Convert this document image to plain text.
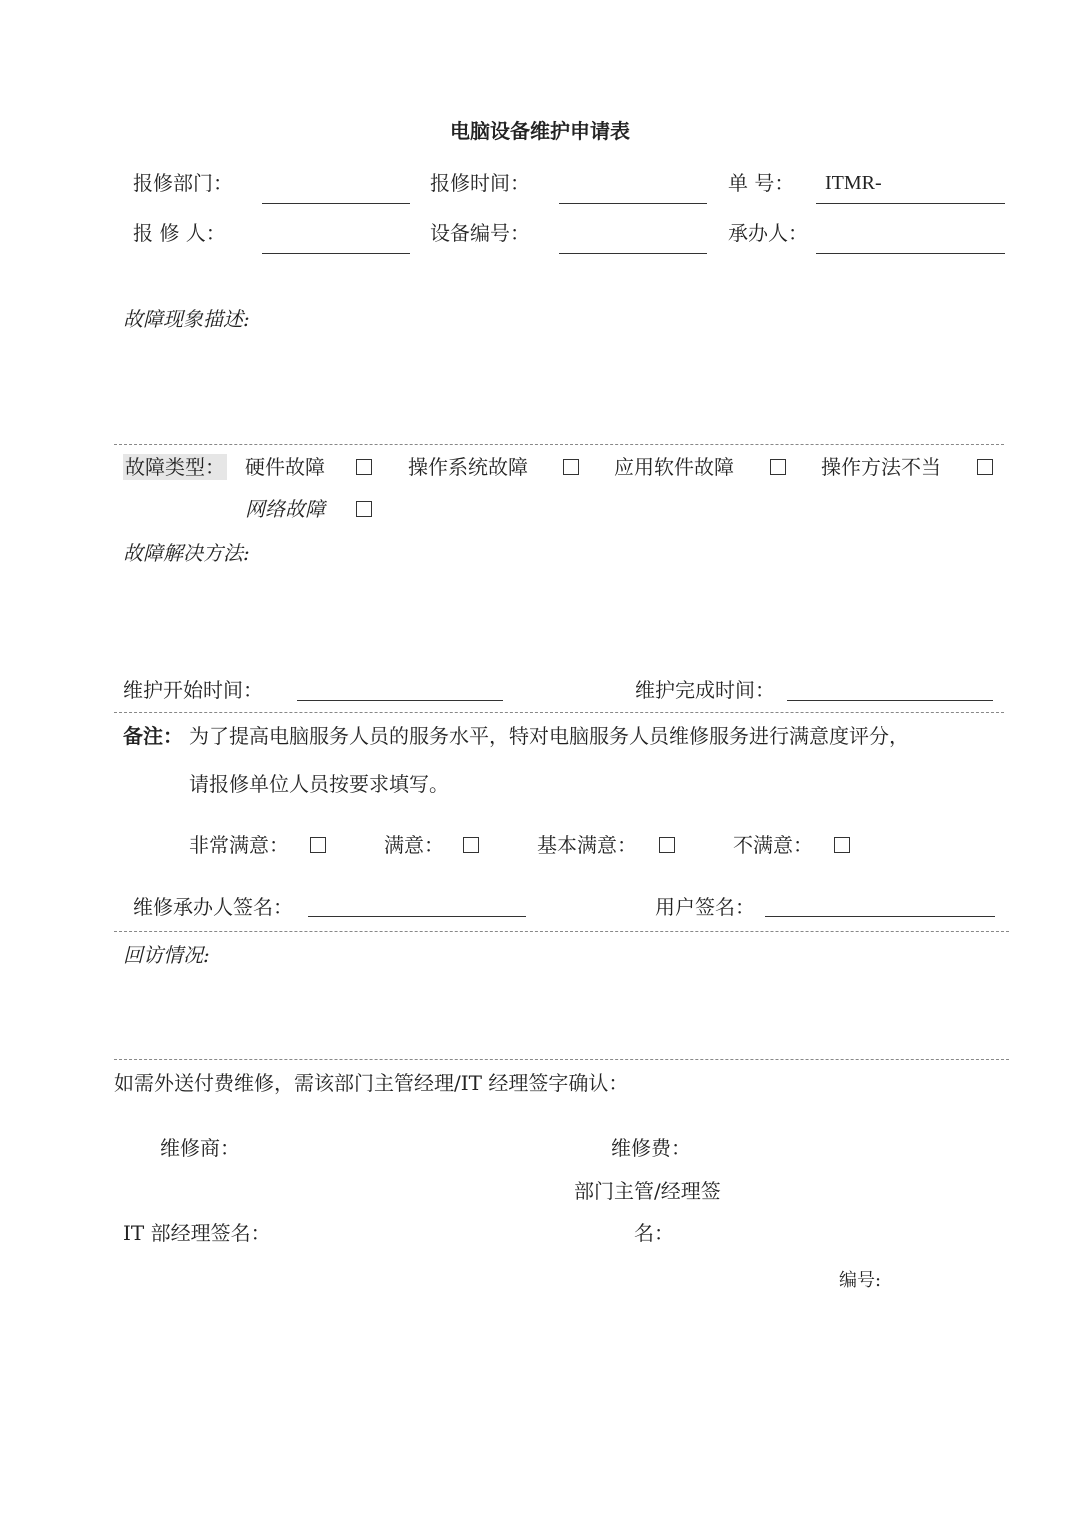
电脑设备维护申请表
报修部门：	报修时间：	单 号： ITMR-
报 修 人：	设备编号：	承办人：
故障现象描述:
故障类型： 硬件故障	操作系统故障	应用软件故障	操作方法不当
网络故障
故障解决方法:
维护开始时间：	维护完成时间：
备注： 为了提高电脑服务人员的服务水平，特对电脑服务人员维修服务进行满意度评分，
请报修单位人员按要求填写。
非常满意：	满意：	基本满意：	不满意：
维修承办人签名：	用户签名：
回访情况:
如需外送付费维修，需该部门主管经理/IT 经理签字确认：
维修商：	维修费：
部门主管/经理签
IT 部经理签名：	名：
编号:
